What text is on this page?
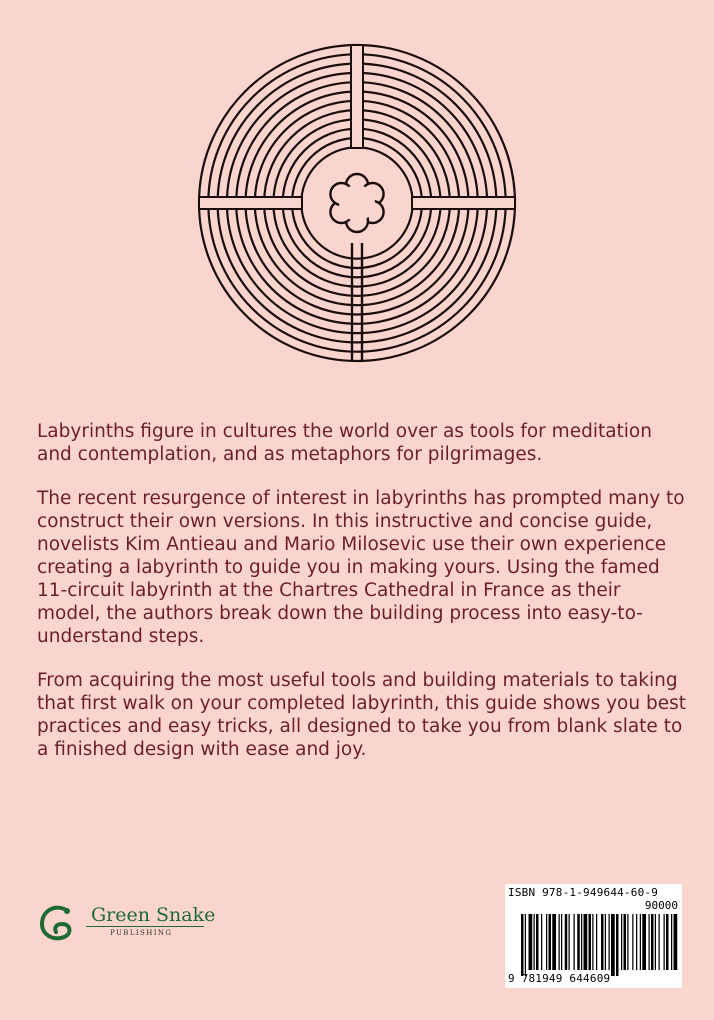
Labyrinths figure in cultures the world over as tools for meditation and contemplation, and as metaphors for pilgrimages.

The recent resurgence of interest in labyrinths has prompted many to construct their own versions. In this instructive and concise guide, novelists Kim Antieau and Mario Milosevic use their own experience creating a labyrinth to guide you in making yours. Using the famed 11-circuit labyrinth at the Chartres Cathedral in France as their model, the authors break down the building process into easy-to-understand steps.

From acquiring the most useful tools and building materials to taking that first walk on your completed labyrinth, this guide shows you best practices and easy tricks, all designed to take you from blank slate to a finished design with ease and joy.

Green Snake
PUBLISHING
ISBN 978-1-949644-60-9
90000
9 781949 644609
